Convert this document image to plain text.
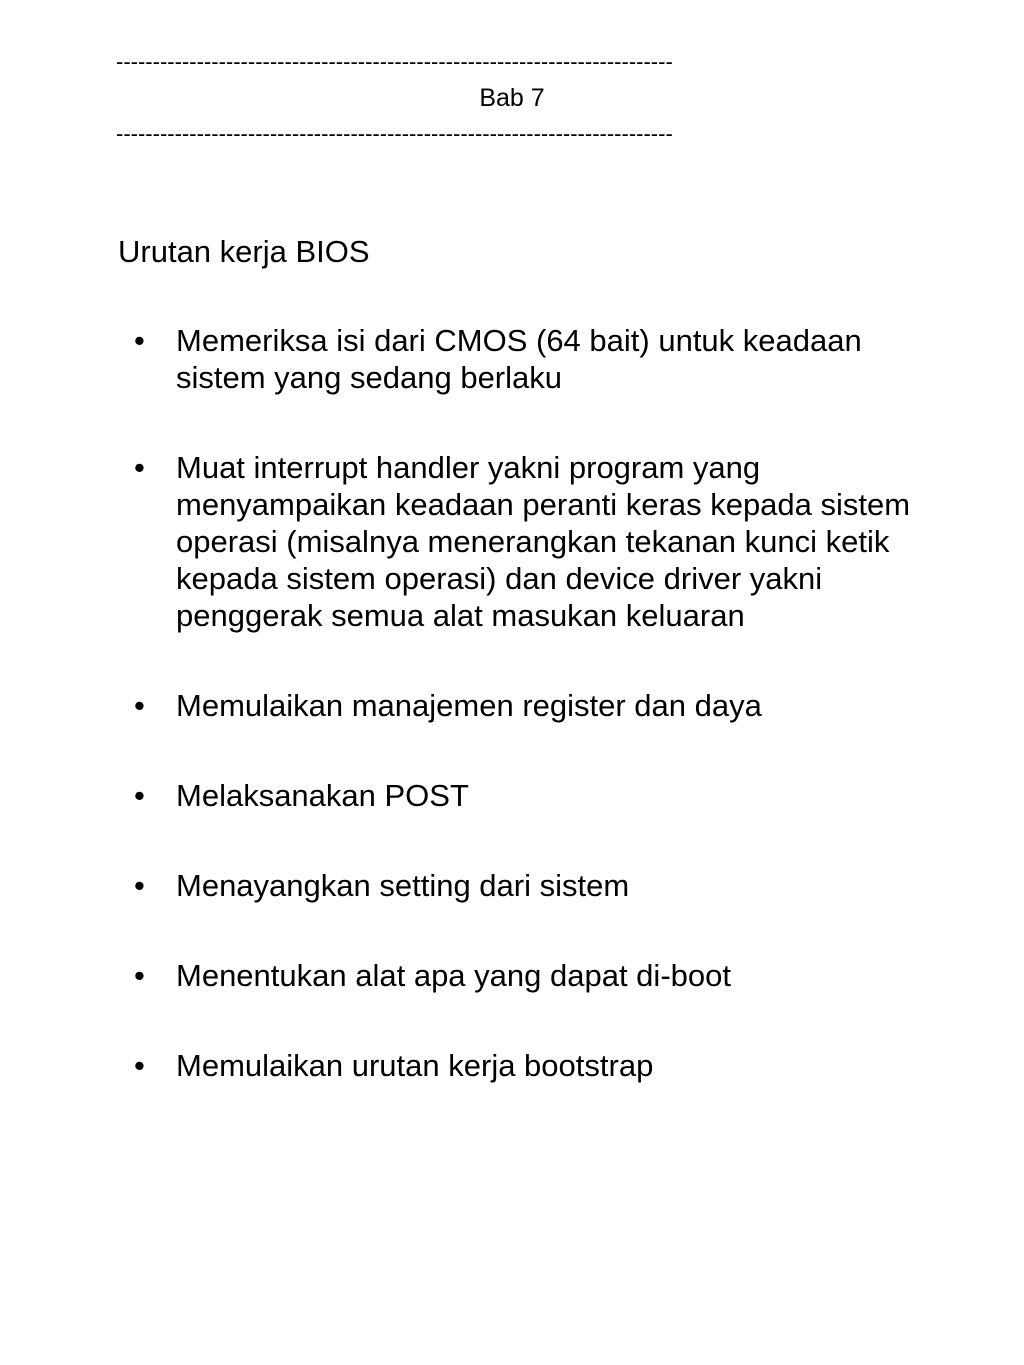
----------------------------------------------------------------------------
Bab 7
----------------------------------------------------------------------------
Urutan kerja BIOS
• Memeriksa isi dari CMOS (64 bait) untuk keadaan sistem yang sedang berlaku
• Muat interrupt handler yakni program yang menyampaikan keadaan peranti keras kepada sistem operasi (misalnya menerangkan tekanan kunci ketik kepada sistem operasi) dan device driver yakni penggerak semua alat masukan keluaran
• Memulaikan manajemen register dan daya
• Melaksanakan POST
• Menayangkan setting dari sistem
• Menentukan alat apa yang dapat di-boot
• Memulaikan urutan kerja bootstrap
